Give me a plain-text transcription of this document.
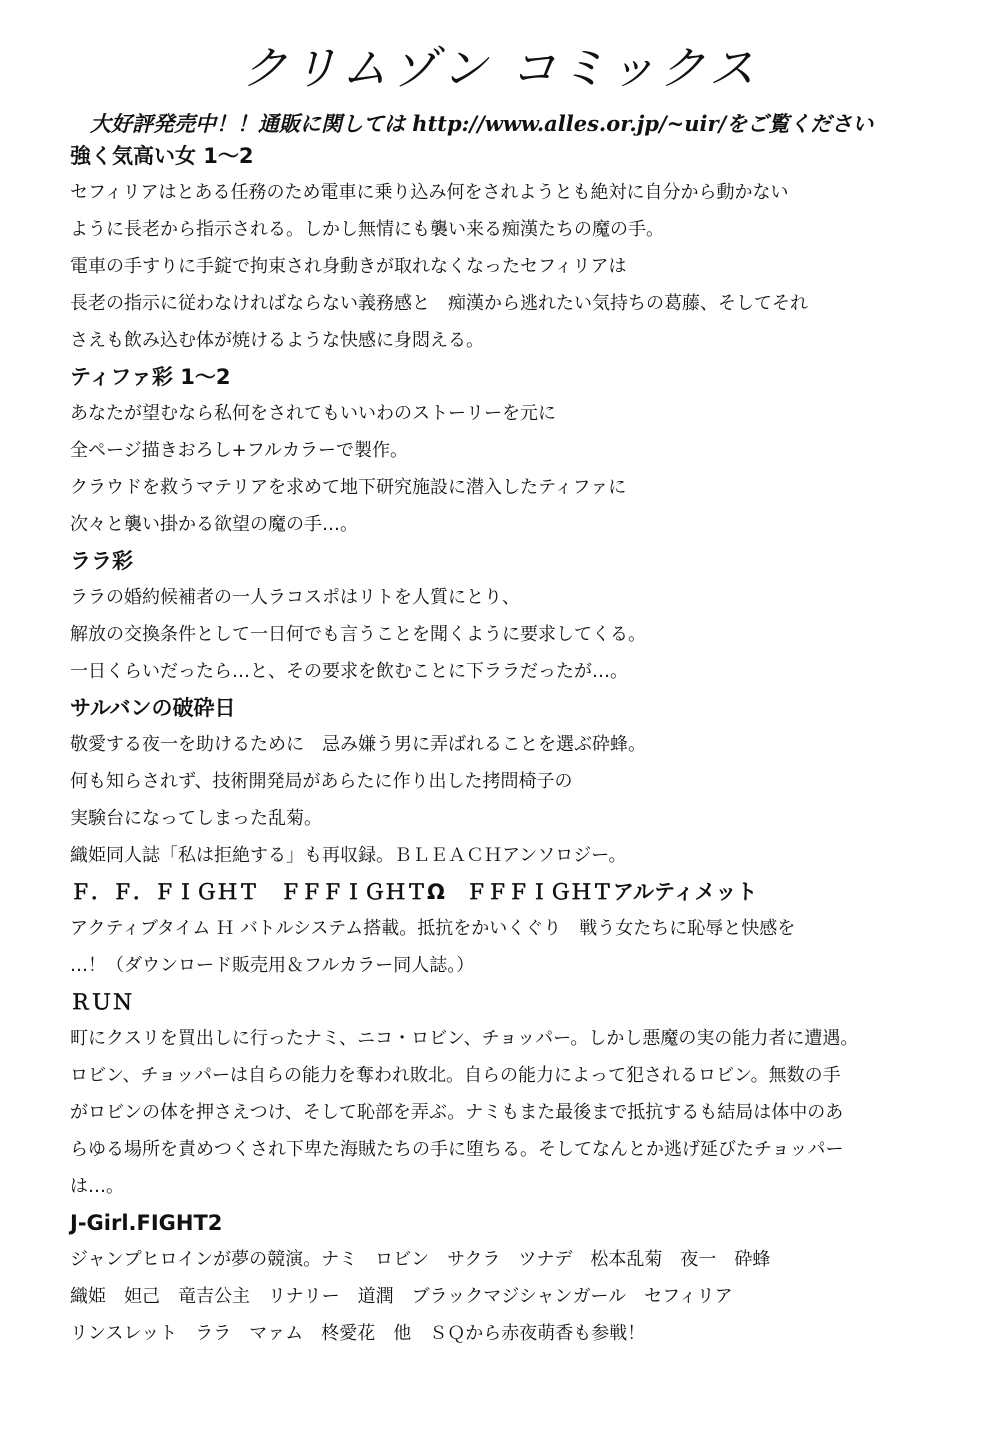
クリムゾン コミックス
大好評発売中！！通販に関しては http://www.alles.or.jp/~uir/をご覧ください
強く気高い女 1～2

セフィリアはとある任務のため電車に乗り込み何をされようとも絶対に自分から動かない

ように長老から指示される。しかし無情にも襲い来る痴漢たちの魔の手。

電車の手すりに手錠で拘束され身動きが取れなくなったセフィリアは

長老の指示に従わなければならない義務感と　痴漢から逃れたい気持ちの葛藤、そしてそれ

さえも飲み込む体が焼けるような快感に身悶える。

ティファ彩 1～2

あなたが望むなら私何をされてもいいわのストーリーを元に

全ページ描きおろし+フルカラーで製作。

クラウドを救うマテリアを求めて地下研究施設に潜入したティファに

次々と襲い掛かる欲望の魔の手…。

ララ彩

ララの婚約候補者の一人ラコスポはリトを人質にとり、

解放の交換条件として一日何でも言うことを聞くように要求してくる。

一日くらいだったら…と、その要求を飲むことに下ララだったが…。

サルバンの破砕日

敬愛する夜一を助けるために　忌み嫌う男に弄ばれることを選ぶ砕蜂。

何も知らされず、技術開発局があらたに作り出した拷問椅子の

実験台になってしまった乱菊。

織姫同人誌「私は拒絶する」も再収録。ＢＬＥＡＣＨアンソロジー。

Ｆ．Ｆ．ＦＩＧＨＴ　ＦＦＦＩＧＨＴΩ　ＦＦＦＩＧＨＴアルティメット

アクティブタイム Ｈ バトルシステム搭載。抵抗をかいくぐり　戦う女たちに恥辱と快感を

…！（ダウンロード販売用＆フルカラー同人誌。）

ＲＵＮ

町にクスリを買出しに行ったナミ、ニコ・ロビン、チョッパー。しかし悪魔の実の能力者に遭遇。

ロビン、チョッパーは自らの能力を奪われ敗北。自らの能力によって犯されるロビン。無数の手

がロビンの体を押さえつけ、そして恥部を弄ぶ。ナミもまた最後まで抵抗するも結局は体中のあ

らゆる場所を責めつくされ下卑た海賊たちの手に堕ちる。そしてなんとか逃げ延びたチョッパー

は…。

J-Girl.FIGHT2

ジャンプヒロインが夢の競演。ナミ　ロビン　サクラ　ツナデ　松本乱菊　夜一　砕蜂

織姫　妲己　竜吉公主　リナリー　道潤　ブラックマジシャンガール　セフィリア

リンスレット　ララ　マァム　柊愛花　他　ＳＱから赤夜萌香も参戦！
